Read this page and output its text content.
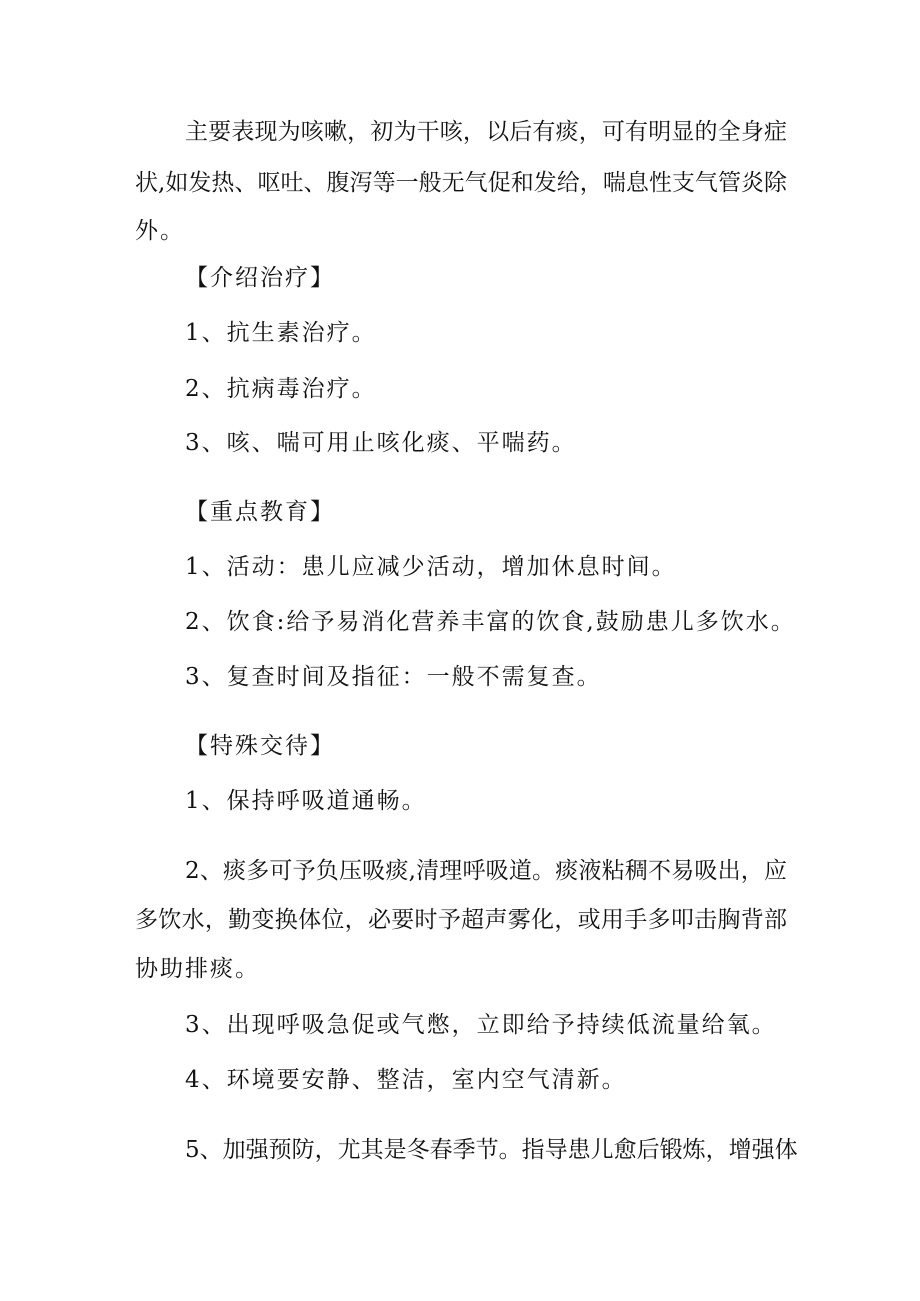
主要表现为咳嗽，初为干咳，以后有痰，可有明显的全身症
状,如发热、呕吐、腹泻等一般无气促和发给，喘息性支气管炎除
外。
【介绍治疗】
1、抗生素治疗。
2、抗病毒治疗。
3、咳、喘可用止咳化痰、平喘药。
【重点教育】
1、活动：患儿应减少活动，增加休息时间。
2、饮食:给予易消化营养丰富的饮食,鼓励患儿多饮水。
3、复查时间及指征：一般不需复查。
【特殊交待】
1、保持呼吸道通畅。
2、痰多可予负压吸痰,清理呼吸道。痰液粘稠不易吸出，应
多饮水，勤变换体位，必要时予超声雾化，或用手多叩击胸背部
协助排痰。
3、出现呼吸急促或气憋，立即给予持续低流量给氧。
4、环境要安静、整洁，室内空气清新。
5、加强预防，尤其是冬春季节。指导患儿愈后锻炼，增强体
